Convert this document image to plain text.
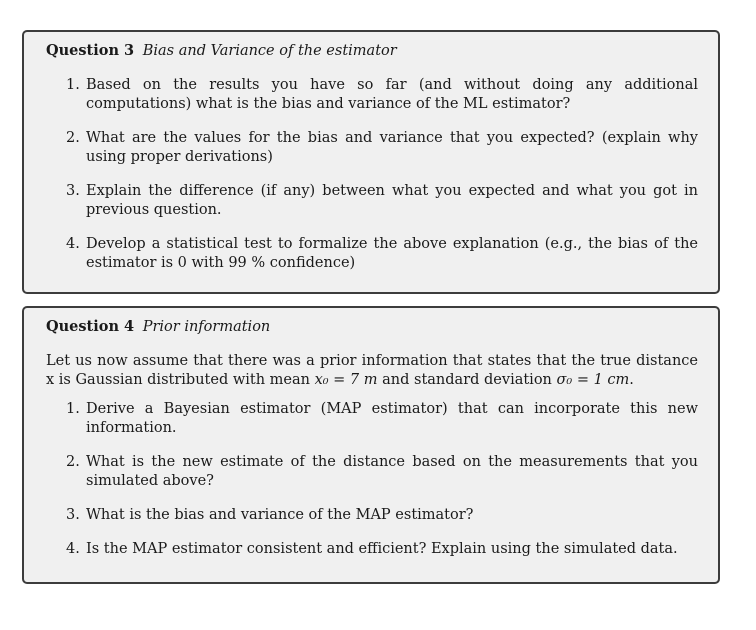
Question 3 Bias and Variance of the estimator
1. Based on the results you have so far (and without doing any additional computations) what is the bias and variance of the ML estimator?
2. What are the values for the bias and variance that you expected? (explain why using proper derivations)
3. Explain the difference (if any) between what you expected and what you got in previous question.
4. Develop a statistical test to formalize the above explanation (e.g., the bias of the estimator is 0 with 99 % confidence)
Question 4 Prior information

Let us now assume that there was a prior information that states that the true distance x is Gaussian distributed with mean x₀ = 7 m and standard deviation σ₀ = 1 cm.

1. Derive a Bayesian estimator (MAP estimator) that can incorporate this new information.
2. What is the new estimate of the distance based on the measurements that you simulated above?
3. What is the bias and variance of the MAP estimator?
4. Is the MAP estimator consistent and efficient? Explain using the simulated data.
